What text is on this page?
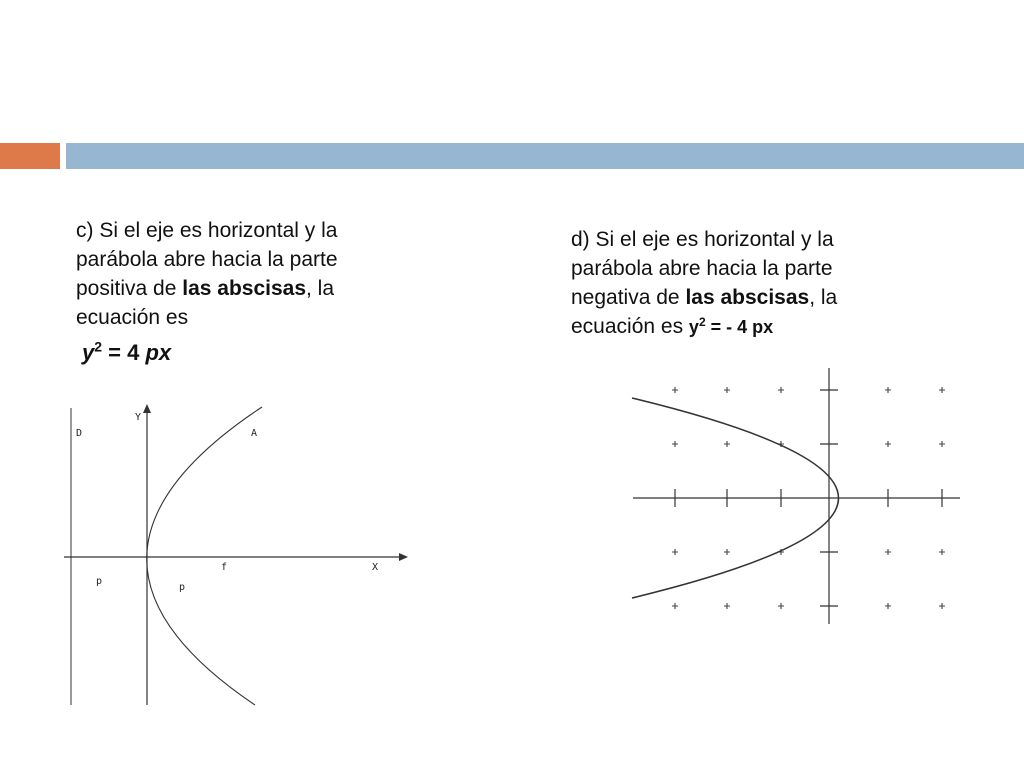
c) Si el eje es horizontal y la
parábola abre hacia la parte
positiva de las abscisas, la
ecuación es
$y^2 = 4$ px
d) Si el eje es horizontal y la
parábola abre hacia la parte
negativa de las abscisas, la
ecuación es $y^2$ = - 4 px
Y
D	A
f	X
p
p
